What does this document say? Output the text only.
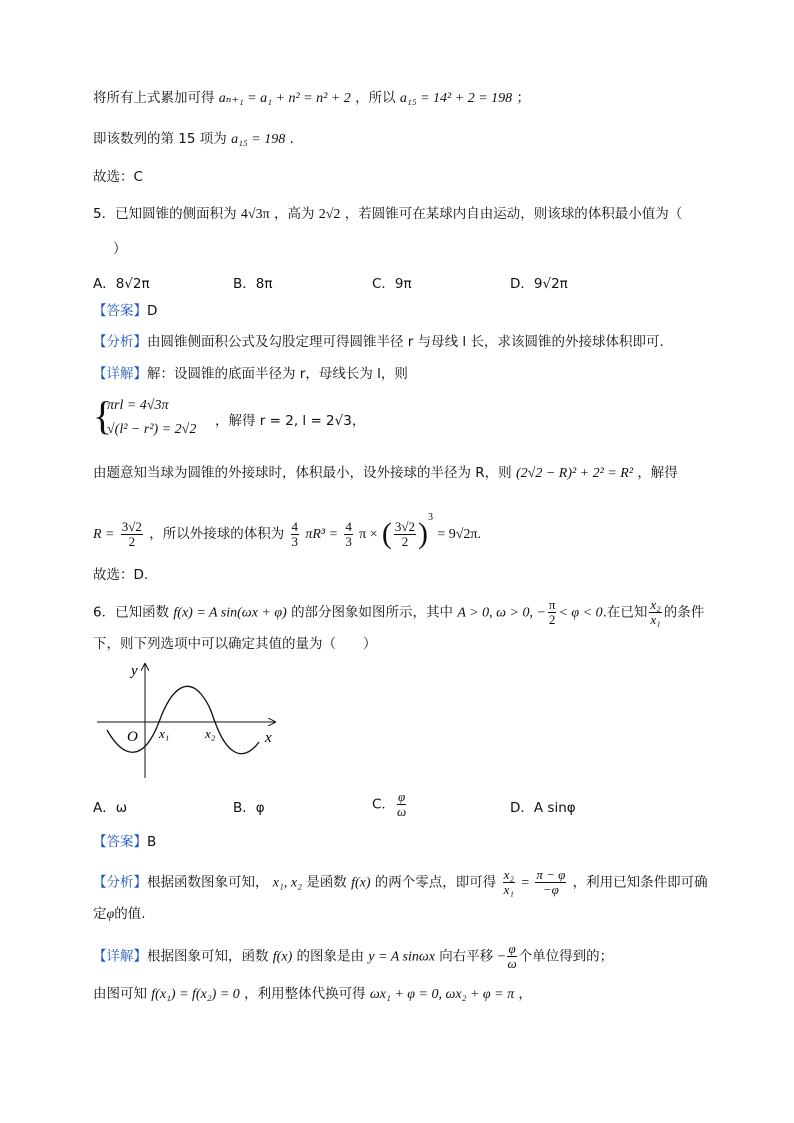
将所有上式累加可得 aₙ₊₁ = a₁ + n² = n² + 2 ，所以 a₁₅ = 14² + 2 = 198 ；
即该数列的第 15 项为 a₁₅ = 198 .
故选：C
5．已知圆锥的侧面积为 4√3π ，高为 2√2 ，若圆锥可在某球内自由运动，则该球的体积最小值为（
）
A．8√2π	B．8π	C．9π	D．9√2π
【答案】D
【分析】由圆锥侧面积公式及勾股定理可得圆锥半径 r 与母线 l 长，求该圆锥的外接球体积即可.
【详解】解：设圆锥的底面半径为 r，母线长为 l，则
{
πrl = 4√3π
√(l² − r²) = 2√2
，解得 r = 2, l = 2√3，
由题意知当球为圆锥的外接球时，体积最小，设外接球的半径为 R，则 (2√2 − R)² + 2² = R² ，解得
$R = \frac{3√2}{2}$ ，所以外接球的体积为 $\frac{4}{3} \pi R^3 = \frac{4}{3}$ π × ( $\frac{3√2}{2} )^3 = 9√2\pi$.
故选：D.
6．已知函数 f(x) = A sin(ωx + φ) 的部分图象如图所示，其中 A > 0, ω > 0, − $\frac{\pi}{2} < \varphi < 0$.在已知 $\frac{\text{x₂}}{\text{x₁}}$ 的条件
下，则下列选项中可以确定其值的量为（　　）
y
x
O x₁	x₂
A．ω	B．φ	C． $\frac{\varphi}{\omega}$	D．A sinφ
【答案】B
【分析】根据函数图象可知， x₁, x₂ 是函数 f(x) 的两个零点，即可得 $\frac{\text{x₂}}{\text{x₁}} = \frac{\pi - \varphi}{-\varphi}$ ，利用已知条件即可确
定φ的值.
【详解】根据图象可知，函数 f(x) 的图象是由 y = A sinωx 向右平移 − $\frac{\varphi}{\omega}$ 个单位得到的；
由图可知 f(x₁) = f(x₂) = 0 ，利用整体代换可得 ωx₁ + φ = 0, ωx₂ + φ = π ，
